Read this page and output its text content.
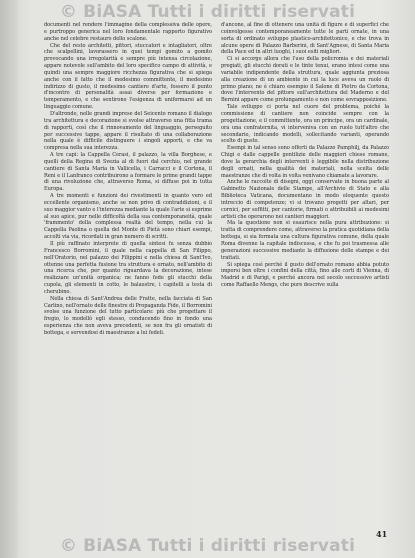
© BiASA Tutti i diritti riservati

documenti nel rendere l'immagine della complessiva delle opere, e purtroppo generica nel loro fondamentale rapporto figurativo anche nel celebre restauro dello scalone.

Che del resto architetti, pittori, stuccatori e intagliatori, oltre che scalpellini, lavorassero in quei tempi gomito a gomito provocando una irregolarità e sempre più intensa circolazione, appare notevole sull'ambito del loro specifico campo di attività, e quindi una sempre maggiore ricchezza figurativa che si spiega anche con il fatto che il medesimo committente, il medesimo indirizzo di gusto, il medesimo cantiere d'arte, fossero il punto d'incontro di personalità assai diverse per formazione e temperamento, e che sentirono l'esigenza di uniformarsi ad un linguaggio comune.

D'altronde, nelle grandi imprese del Seicento romano il dialogo tra architettura e decorazione si svolse attraverso una fitta trama di rapporti, così che il rinnovamento del linguaggio, perseguito per successive tappe, appare il risultato di una collaborazione nella quale è difficile distinguere i singoli apporti, e che va compresa nella sua interezza.

A tre capi: la Cappella Cerasi, il palazzo, la villa Borghese, e quelli della Regina di Svezia al di fuori dal cerchio, nel grande cantiere di Santa Maria in Vallicella, i Carracci e il Cortona, il Reni e il Lanfranco contribuirono a formare le prime grandi tappe di una rivoluzione che, attraverso Roma, si diffuse poi in tutta Europa.

A tre momenti e funzioni dei rivestimenti in quanto vero ed eccellente organismo, anche se non privo di contraddizioni, e il suo maggior vanto e l'interezza mediante la quale l'arte si esprime al suo apice, pur nelle difficoltà della sua contemporaneità, quale 'frammento' della complessa realtà del tempo, nella cui la Cappella Paolina o quella del Monte di Pietà sono chiari esempi, accolti via via, ricordati in gran numero di scritti.

Il più raffinato interprete di quella sintesi fu senza dubbio Francesco Borromini, il quale nella cappella di San Filippo, nell'Oratorio, nel palazzo dei Filippini e nella chiesa di Sant'Ivo, ottenne una perfetta fusione tra struttura e ornato, nell'ambito di una ricerca che, per quanto riguardava la decorazione, intese realizzare un'unità organica; ne fanno fede gli stucchi della cupola, gli elementi in cotto, le balaustre, i capitelli a testa di cherubino.

Nella chiesa di Sant'Andrea delle Fratte, nella facciata di San Carlino, nell'ornato delle finestre di Propaganda Fide, il Borromini svolse una funzione del tutto particolare: più che progettare il fregio, lo modellò egli stesso, conducendo fino in fondo una esperienza che non aveva precedenti, se non fra gli ornatisti di bottega, e servendosi di maestranze a lui fedeli.

d'ancone, al fine di ottenere una unità di figure e di superfici che coinvolgesse contemporaneamente tutte le parti ornate, in una sorta di ordinato sviluppo plastico-architettonico, e che trova in alcune opere di Palazzo Barberini, di Sant'Agnese, di Santa Maria della Pace ed in altri luoghi, i suoi esiti migliori.

Ci si accorge allora che l'uso della policromia e dei materiali pregiati, gli stucchi dorati e le tinte tenui, erano intesi come una variabile indipendente della struttura, quale aggiunta preziosa alla creazione di un ambiente in cui la luce aveva un ruolo di primo piano; ne è chiaro esempio il Salone di Pietro da Cortona, dove l'intervento del pittore sull'architettura del Maderno e del Bernini appare come prolungamento e non come sovrapposizione.

Tale sviluppo ci porta nel cuore del problema, poiché la commissione di cantiere non coincide sempre con la progettazione, e il committente, ora un principe, ora un cardinale, ora una confraternita, vi interveniva con un ruolo tutt'altro che secondario, indicando modelli, sollecitando varianti, operando scelte di gusto.

Esempi in tal senso sono offerti da Palazzo Pamphilj, da Palazzo Chigi e dalle cappelle gentilizie delle maggiori chiese romane, dove la gerarchia degli interventi è leggibile nella distribuzione degli ornati, nella qualità dei materiali, nella scelta delle maestranze che di volta in volta venivano chiamate a lavorare.

Anche le raccolte di disegni, oggi conservate in buona parte al Gabinetto Nazionale delle Stampe, all'Archivio di Stato e alla Biblioteca Vaticana, documentano in modo eloquente questo intreccio di competenze; vi si trovano progetti per altari, per cornici, per soffitti, per cantorie, firmati o attribuibili ai medesimi artisti che operarono nei cantieri maggiori.

Ma la questione non si esaurisce nella pura attribuzione: si tratta di comprendere come, attraverso la pratica quotidiana della bottega, si sia formata una cultura figurativa comune, della quale Roma divenne la capitale indiscussa, e che fu poi trasmessa alle generazioni successive mediante la diffusione delle stampe e dei trattati.

Si spiega così perché il gusto dell'ornato romano abbia potuto imporsi ben oltre i confini della città, fino alle corti di Vienna, di Madrid e di Parigi, e perché ancora nel secolo successivo artisti come Raffaello Mengs, che pure descrive sulla

41
© BiASA Tutti i diritti riservati
